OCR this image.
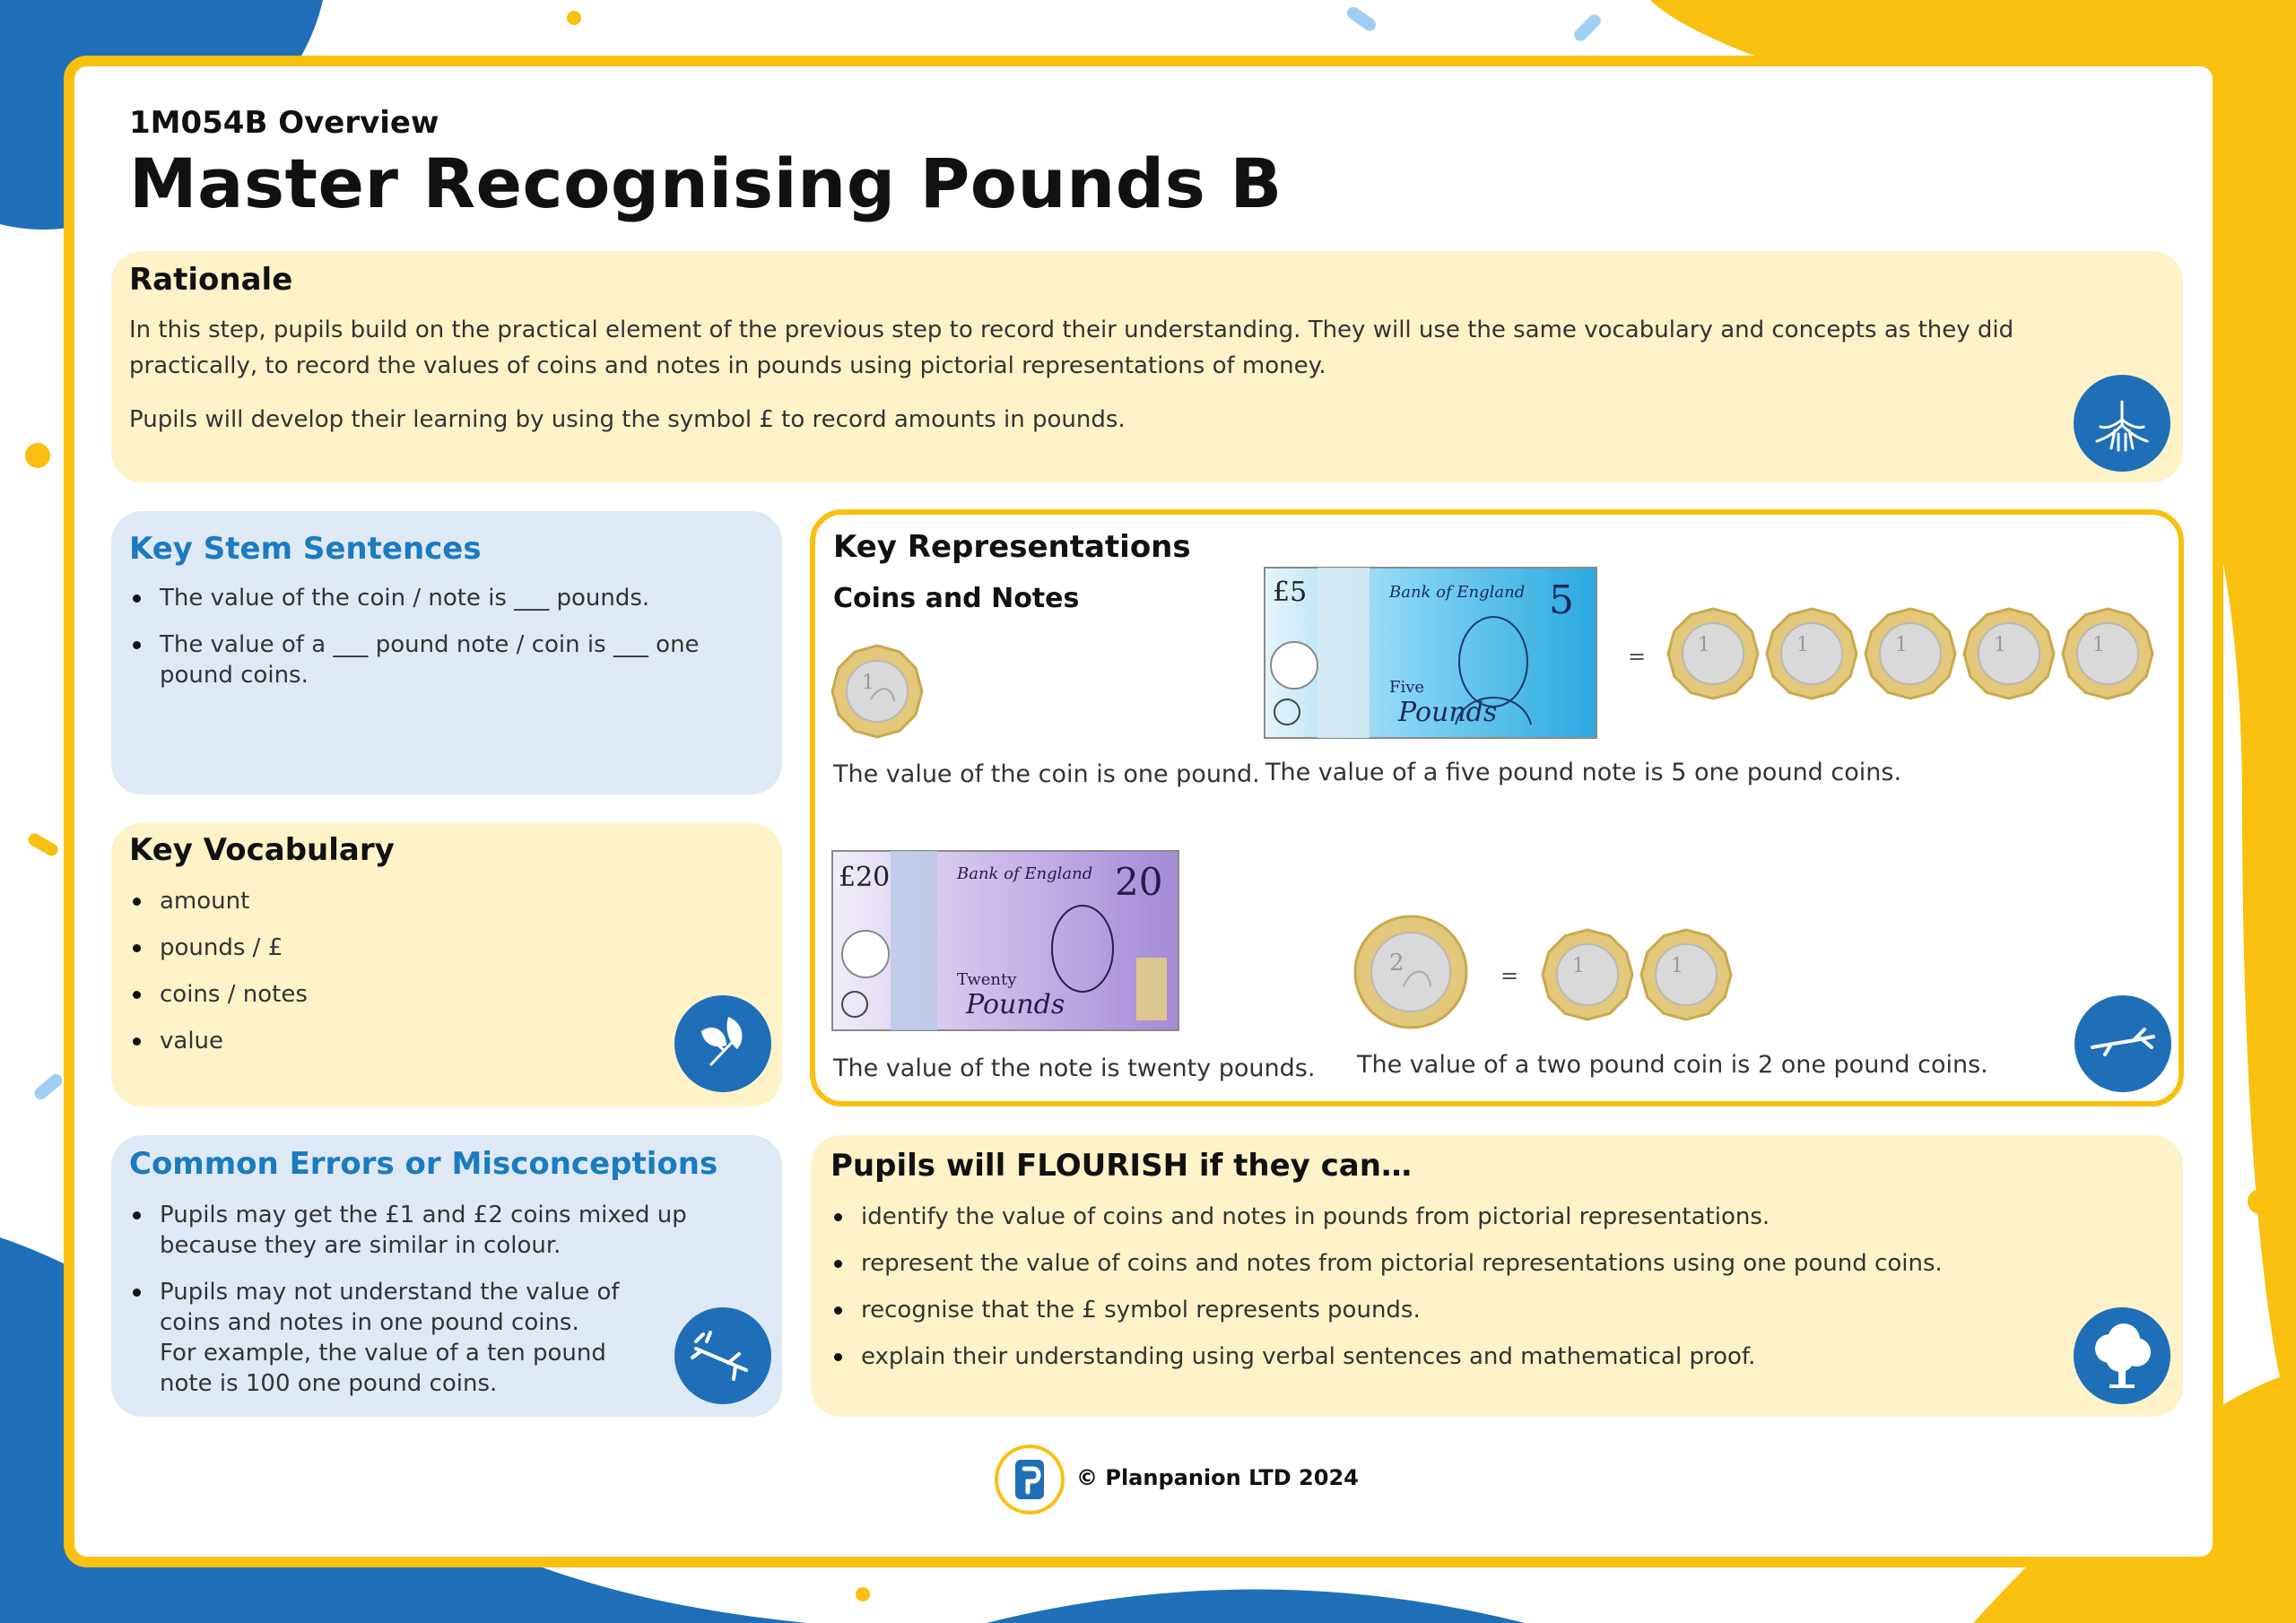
1M054B Overview
Master Recognising Pounds B
Rationale
In this step, pupils build on the practical element of the previous step to record their understanding. They will use the same vocabulary and concepts as they did practically, to record the values of coins and notes in pounds using pictorial representations of money.
Pupils will develop their learning by using the symbol £ to record amounts in pounds.
Key Stem Sentences
The value of the coin / note is ___ pounds.
The value of a ___ pound note / coin is ___ one pound coins.
Key Vocabulary
amount
pounds / £
coins / notes
value
Common Errors or Misconceptions
Pupils may get the £1 and £2 coins mixed up because they are similar in colour.
Pupils may not understand the value of coins and notes in one pound coins. For example, the value of a ten pound note is 100 one pound coins.
Key Representations
Coins and Notes
1
£5	5
Bank of England
Five
Pounds
=	1	1	1	1	1
The value of the coin is one pound. The value of a five pound note is 5 one pound coins.
£20	20
Bank of England
Twenty
Pounds
2	=	1	1
The value of the note is twenty pounds. The value of a two pound coin is 2 one pound coins.
Pupils will FLOURISH if they can…
identify the value of coins and notes in pounds from pictorial representations.
represent the value of coins and notes from pictorial representations using one pound coins.
recognise that the £ symbol represents pounds.
explain their understanding using verbal sentences and mathematical proof.
© Planpanion LTD 2024
